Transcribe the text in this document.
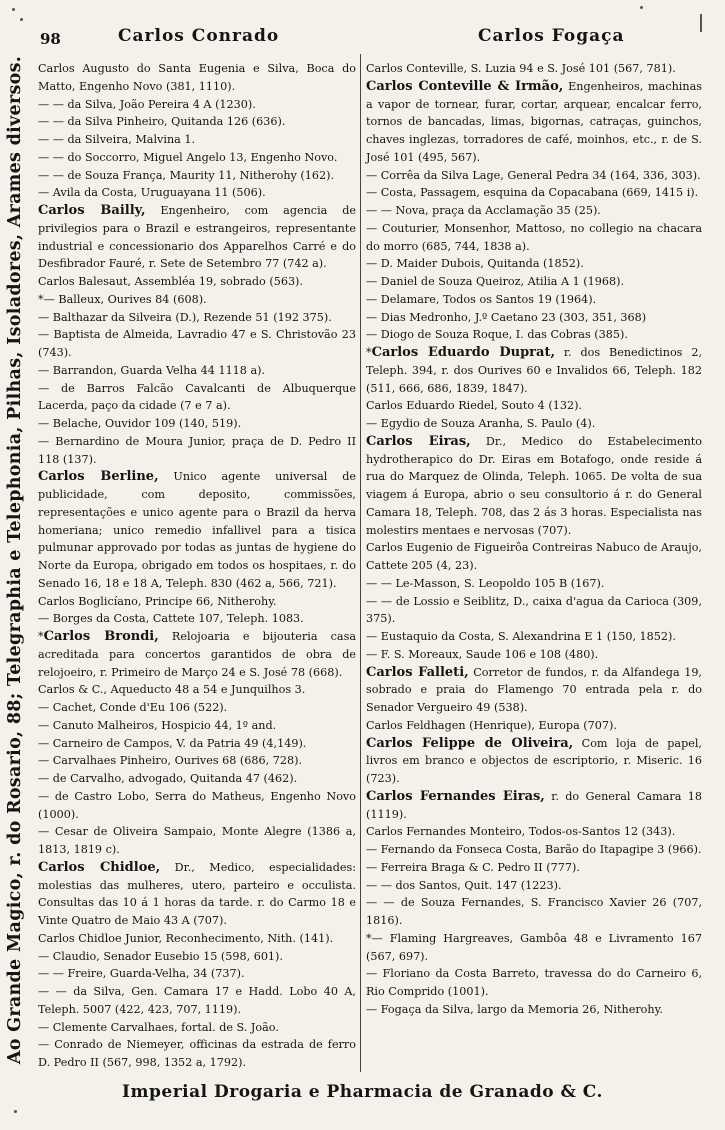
Ao Grande Magico, r. do Rosario, 88; Telegraphia e Telephonia, Pilhas, Isoladores, Arames diversos.
98	Carlos Conrado	Carlos Fogaça

Carlos Augusto do Santa Eugenia e Silva, Boca do Matto, Engenho Novo (381, 1110).

— — da Silva, João Pereira 4 A (1230).

— — da Silva Pinheiro, Quitanda 126 (636).

— — da Silveira, Malvina 1.

— — do Soccorro, Miguel Angelo 13, Engenho Novo.

— — de Souza França, Maurity 11, Nitherohy (162).

— Avila da Costa, Uruguayana 11 (506).

Carlos Bailly, Engenheiro, com agencia de privilegios para o Brazil e estrangeiros, representante industrial e concessionario dos Apparelhos Carré e do Desfibrador Fauré, r. Sete de Setembro 77 (742 a).

Carlos Balesaut, Assembléa 19, sobrado (563).

*— Balleux, Ourives 84 (608).

— Balthazar da Silveira (D.), Rezende 51 (192 375).

— Baptista de Almeida, Lavradio 47 e S. Christovão 23 (743).

— Barrandon, Guarda Velha 44 1118 a).

— de Barros Falcão Cavalcanti de Albuquerque Lacerda, paço da cidade (7 e 7 a).

— Belache, Ouvidor 109 (140, 519).

— Bernardino de Moura Junior, praça de D. Pedro II 118 (137).

Carlos Berline, Unico agente universal de publicidade, com deposito, commissões, representações e unico agente para o Brazil da herva homeriana; unico remedio infallivel para a tisica pulmunar approvado por todas as juntas de hygiene do Norte da Europa, obrigado em todos os hospitaes, r. do Senado 16, 18 e 18 A, Teleph. 830 (462 a, 566, 721).

Carlos Boglicíano, Principe 66, Nitherohy.

— Borges da Costa, Cattete 107, Teleph. 1083.

*Carlos Brondi, Relojoaria e bijouteria casa acreditada para concertos garantidos de obra de relojoeiro, r. Primeiro de Março 24 e S. José 78 (668).

Carlos & C., Aqueducto 48 a 54 e Junquilhos 3.

— Cachet, Conde d'Eu 106 (522).

— Canuto Malheiros, Hospicio 44, 1º and.

— Carneiro de Campos, V. da Patria 49 (4,149).

— Carvalhaes Pinheiro, Ourives 68 (686, 728).

— de Carvalho, advogado, Quitanda 47 (462).

— de Castro Lobo, Serra do Matheus, Engenho Novo (1000).

— Cesar de Oliveira Sampaio, Monte Alegre (1386 a, 1813, 1819 c).

Carlos Chidloe, Dr., Medico, especialidades: molestias das mulheres, utero, parteiro e occulista. Consultas das 10 á 1 horas da tarde. r. do Carmo 18 e Vinte Quatro de Maio 43 A (707).

Carlos Chidloe Junior, Reconhecimento, Nith. (141).

— Claudio, Senador Eusebio 15 (598, 601).

— — Freire, Guarda-Velha, 34 (737).

— — da Silva, Gen. Camara 17 e Hadd. Lobo 40 A, Teleph. 5007 (422, 423, 707, 1119).

— Clemente Carvalhaes, fortal. de S. João.

— Conrado de Niemeyer, officinas da estrada de ferro D. Pedro II (567, 998, 1352 a, 1792).

Carlos Conteville, S. Luzia 94 e S. José 101 (567, 781).

Carlos Conteville & Irmão, Engenheiros, machinas a vapor de tornear, furar, cortar, arquear, encalcar ferro, tornos de bancadas, limas, bigornas, catraças, guinchos, chaves inglezas, torradores de café, moinhos, etc., r. de S. José 101 (495, 567).

— Corrêa da Silva Lage, General Pedra 34 (164, 336, 303).

— Costa, Passagem, esquina da Copacabana (669, 1415 i).

— — Nova, praça da Acclamação 35 (25).

— Couturier, Monsenhor, Mattoso, no collegio na chacara do morro (685, 744, 1838 a).

— D. Maider Dubois, Quitanda (1852).

— Daniel de Souza Queiroz, Atilia A 1 (1968).

— Delamare, Todos os Santos 19 (1964).

— Dias Medronho, J.º Caetano 23 (303, 351, 368)

— Diogo de Souza Roque, I. das Cobras (385).

*Carlos Eduardo Duprat, r. dos Benedictinos 2, Teleph. 394, r. dos Ourives 60 e Invalidos 66, Teleph. 182 (511, 666, 686, 1839, 1847).

Carlos Eduardo Riedel, Souto 4 (132).

— Egydio de Souza Aranha, S. Paulo (4).

Carlos Eiras, Dr., Medico do Estabelecimento hydrotherapico do Dr. Eiras em Botafogo, onde reside á rua do Marquez de Olinda, Teleph. 1065. De volta de sua viagem á Europa, abrio o seu consultorio á r. do General Camara 18, Teleph. 708, das 2 ás 3 horas. Especialista nas molestirs mentaes e nervosas (707).

Carlos Eugenio de Figueirôa Contreiras Nabuco de Araujo, Cattete 205 (4, 23).

— — Le-Masson, S. Leopoldo 105 B (167).

— — de Lossio e Seiblitz, D., caixa d'agua da Carioca (309, 375).

— Eustaquio da Costa, S. Alexandrina E 1 (150, 1852).

— F. S. Moreaux, Saude 106 e 108 (480).

Carlos Falleti, Corretor de fundos, r. da Alfandega 19, sobrado e praia do Flamengo 70 entrada pela r. do Senador Vergueiro 49 (538).

Carlos Feldhagen (Henrique), Europa (707).

Carlos Felippe de Oliveira, Com loja de papel, livros em branco e objectos de escriptorio, r. Miseric. 16 (723).

Carlos Fernandes Eiras, r. do General Camara 18 (1119).

Carlos Fernandes Monteiro, Todos-os-Santos 12 (343).

— Fernando da Fonseca Costa, Barão do Itapagipe 3 (966).

— Ferreira Braga & C. Pedro II (777).

— — dos Santos, Quit. 147 (1223).

— — de Souza Fernandes, S. Francisco Xavier 26 (707, 1816).

*— Flaming Hargreaves, Gambôa 48 e Livramento 167 (567, 697).

— Floriano da Costa Barreto, travessa do do Carneiro 6, Rio Comprido (1001).

— Fogaça da Silva, largo da Memoria 26, Nitherohy.

Imperial Drogaria e Pharmacia de Granado & C.
